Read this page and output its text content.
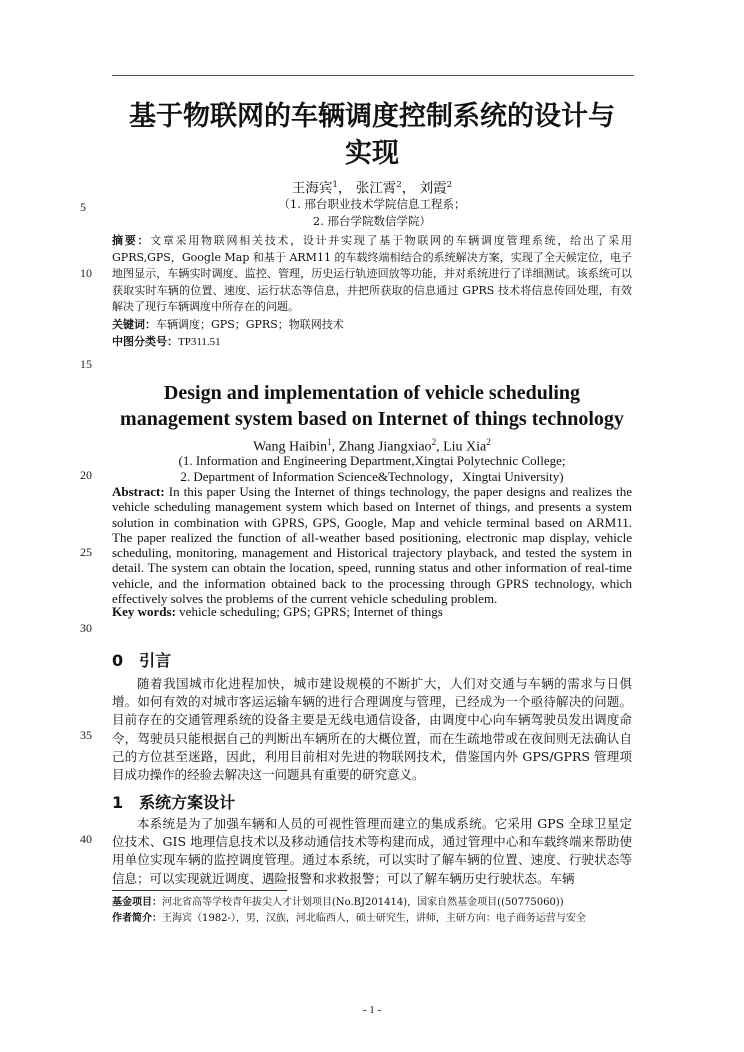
5
10
15
20
25
30
35
40
基于物联网的车辆调度控制系统的设计与
实现
王海宾$^1$， 张江霄$^2$， 刘霞$^2$
（1. 邢台职业技术学院信息工程系；
2. 邢台学院数信学院）
摘要：文章采用物联网相关技术，设计并实现了基于物联网的车辆调度管理系统，给出了采用 GPRS,GPS，Google Map 和基于 ARM11 的车载终端相结合的系统解决方案，实现了全天候定位，电子地图显示，车辆实时调度、监控、管理，历史运行轨迹回放等功能，并对系统进行了详细测试。该系统可以获取实时车辆的位置、速度、运行状态等信息，并把所获取的信息通过 GPRS 技术将信息传回处理，有效解决了现行车辆调度中所存在的问题。
关键词：车辆调度；GPS；GPRS；物联网技术
中图分类号：TP311.51
Design and implementation of vehicle scheduling
management system based on Internet of things technology
Wang Haibin$^1$, Zhang Jiangxiao$^2$, Liu Xia$^2$
(1. Information and Engineering Department,Xingtai Polytechnic College;
2. Department of Information Science&Technology，Xingtai University)
Abstract: In this paper Using the Internet of things technology, the paper designs and realizes the vehicle scheduling management system which based on Internet of things, and presents a system solution in combination with GPRS, GPS, Google, Map and vehicle terminal based on ARM11. The paper realized the function of all-weather based positioning, electronic map display, vehicle scheduling, monitoring, management and Historical trajectory playback, and tested the system in detail. The system can obtain the location, speed, running status and other information of real-time vehicle, and the information obtained back to the processing through GPRS technology, which effectively solves the problems of the current vehicle scheduling problem.
Key words: vehicle scheduling; GPS; GPRS; Internet of things
0　引言
随着我国城市化进程加快，城市建设规模的不断扩大，人们对交通与车辆的需求与日俱增。如何有效的对城市客运运输车辆的进行合理调度与管理，已经成为一个亟待解决的问题。目前存在的交通管理系统的设备主要是无线电通信设备，由调度中心向车辆驾驶员发出调度命令，驾驶员只能根据自己的判断出车辆所在的大概位置，而在生疏地带或在夜间则无法确认自己的方位甚至迷路，因此，利用目前相对先进的物联网技术，借鉴国内外 GPS/GPRS 管理项目成功操作的经验去解决这一问题具有重要的研究意义。
1　系统方案设计
本系统是为了加强车辆和人员的可视性管理而建立的集成系统。它采用 GPS 全球卫星定位技术、GIS 地理信息技术以及移动通信技术等构建而成，通过管理中心和车载终端来帮助使用单位实现车辆的监控调度管理。通过本系统，可以实时了解车辆的位置、速度、行驶状态等信息；可以实现就近调度、遇险报警和求救报警；可以了解车辆历史行驶状态。车辆
基金项目：河北省高等学校青年拔尖人才计划项目(No.BJ201414)，国家自然基金项目((50775060))
作者简介：王海宾（1982-），男，汉族，河北临西人，硕士研究生，讲师，主研方向：电子商务运营与安全
- 1 -
